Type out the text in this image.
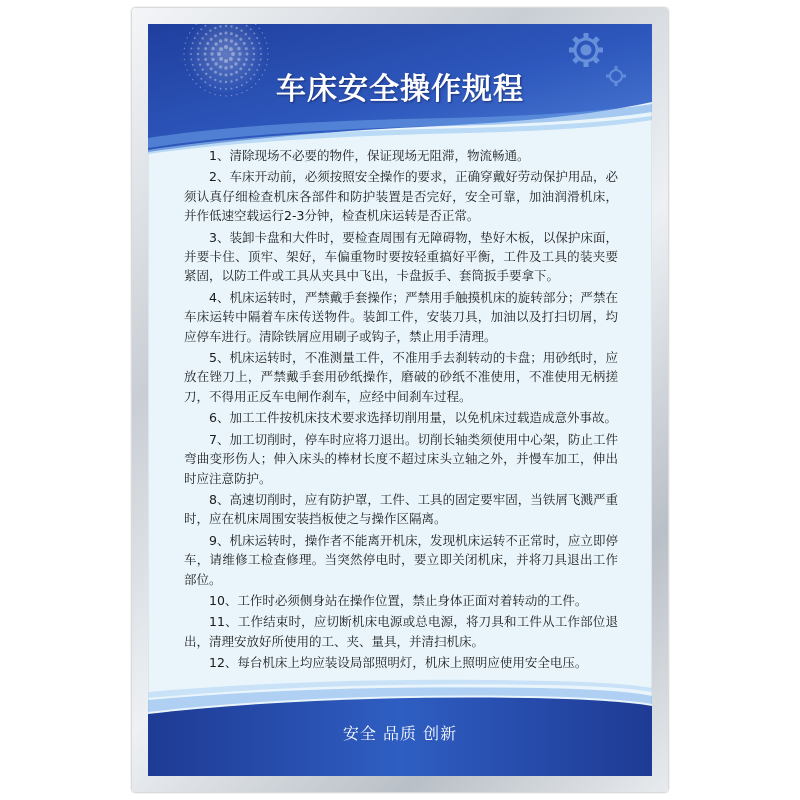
车床安全操作规程

1、清除现场不必要的物件，保证现场无阻滞，物流畅通。

2、车床开动前，必须按照安全操作的要求，正确穿戴好劳动保护用品，必须认真仔细检查机床各部件和防护装置是否完好，安全可靠，加油润滑机床，并作低速空载运行2-3分钟，检查机床运转是否正常。

3、装卸卡盘和大件时，要检查周围有无障碍物，垫好木板，以保护床面，并要卡住、顶牢、架好，车偏重物时要按轻重搞好平衡，工件及工具的装夹要紧固，以防工件或工具从夹具中飞出，卡盘扳手、套筒扳手要拿下。

4、机床运转时，严禁戴手套操作；严禁用手触摸机床的旋转部分；严禁在车床运转中隔着车床传送物件。装卸工件，安装刀具，加油以及打扫切屑，均应停车进行。清除铁屑应用刷子或钩子，禁止用手清理。

5、机床运转时，不准测量工件，不准用手去刹转动的卡盘；用砂纸时，应放在锉刀上，严禁戴手套用砂纸操作，磨破的砂纸不准使用，不准使用无柄搓刀，不得用正反车电闸作刹车，应经中间刹车过程。

6、加工工件按机床技术要求选择切削用量，以免机床过载造成意外事故。

7、加工切削时，停车时应将刀退出。切削长轴类须使用中心架，防止工件弯曲变形伤人；伸入床头的棒材长度不超过床头立轴之外，并慢车加工，伸出时应注意防护。

8、高速切削时，应有防护罩，工件、工具的固定要牢固，当铁屑飞溅严重时，应在机床周围安装挡板使之与操作区隔离。

9、机床运转时，操作者不能离开机床，发现机床运转不正常时，应立即停车，请维修工检查修理。当突然停电时，要立即关闭机床，并将刀具退出工作部位。

10、工作时必须侧身站在操作位置，禁止身体正面对着转动的工件。

11、工作结束时，应切断机床电源或总电源，将刀具和工件从工作部位退出，清理安放好所使用的工、夹、量具，并清扫机床。

12、每台机床上均应装设局部照明灯，机床上照明应使用安全电压。

安全 品质 创新
